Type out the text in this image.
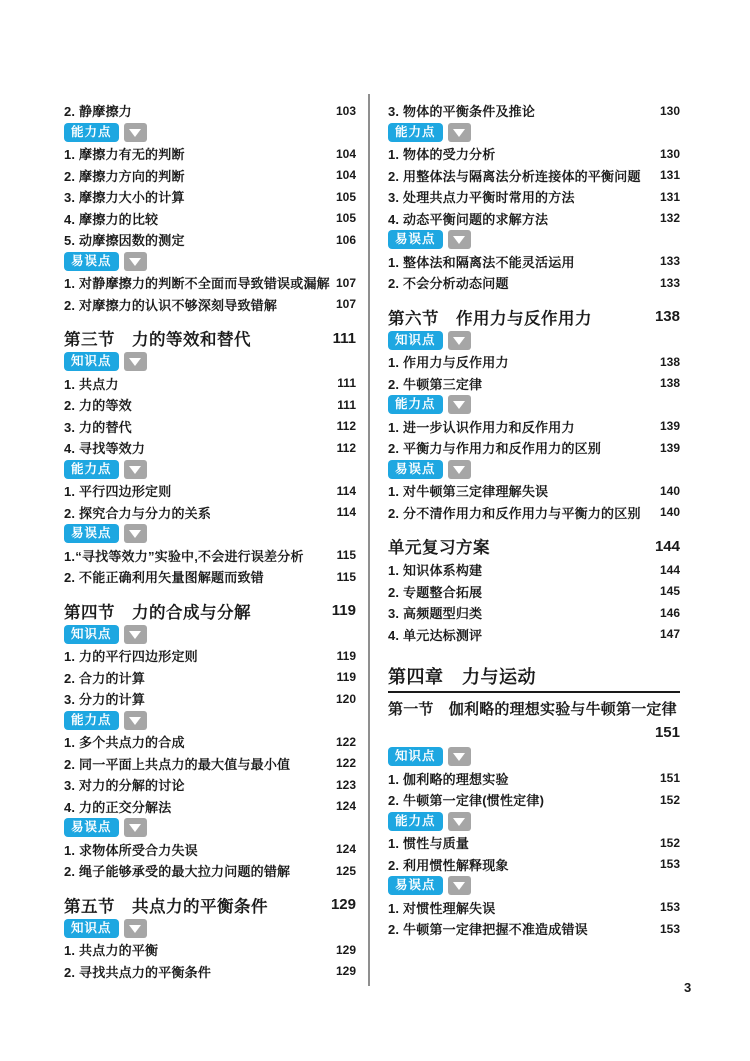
2. 静摩擦力	103
能力点
1. 摩擦力有无的判断	104
2. 摩擦力方向的判断	104
3. 摩擦力大小的计算	105
4. 摩擦力的比较	105
5. 动摩擦因数的测定	106
易误点
1. 对静摩擦力的判断不全面而导致错误或漏解 107
2. 对摩擦力的认识不够深刻导致错解	107
第三节　力的等效和替代	111
知识点
1. 共点力	111
2. 力的等效	111
3. 力的替代	112
4. 寻找等效力	112
能力点
1. 平行四边形定则	114
2. 探究合力与分力的关系	114
易误点
1.“寻找等效力”实验中,不会进行误差分析	115
2. 不能正确利用矢量图解题而致错	115
第四节　力的合成与分解	119
知识点
1. 力的平行四边形定则	119
2. 合力的计算	119
3. 分力的计算	120
能力点
1. 多个共点力的合成	122
2. 同一平面上共点力的最大值与最小值	122
3. 对力的分解的讨论	123
4. 力的正交分解法	124
易误点
1. 求物体所受合力失误	124
2. 绳子能够承受的最大拉力问题的错解	125
第五节　共点力的平衡条件	129
知识点
1. 共点力的平衡	129
2. 寻找共点力的平衡条件	129
3. 物体的平衡条件及推论	130
能力点
1. 物体的受力分析	130
2. 用整体法与隔离法分析连接体的平衡问题 131
3. 处理共点力平衡时常用的方法	131
4. 动态平衡问题的求解方法	132
易误点
1. 整体法和隔离法不能灵活运用	133
2. 不会分析动态问题	133
第六节　作用力与反作用力	138
知识点
1. 作用力与反作用力	138
2. 牛顿第三定律	138
能力点
1. 进一步认识作用力和反作用力	139
2. 平衡力与作用力和反作用力的区别	139
易误点
1. 对牛顿第三定律理解失误	140
2. 分不清作用力和反作用力与平衡力的区别 140
单元复习方案	144
1. 知识体系构建	144
2. 专题整合拓展	145
3. 高频题型归类	146
4. 单元达标测评	147
第四章　力与运动
第一节　伽利略的理想实验与牛顿第一定律
151
知识点
1. 伽利略的理想实验	151
2. 牛顿第一定律(惯性定律)	152
能力点
1. 惯性与质量	152
2. 利用惯性解释现象	153
易误点
1. 对惯性理解失误	153
2. 牛顿第一定律把握不准造成错误	153
3
